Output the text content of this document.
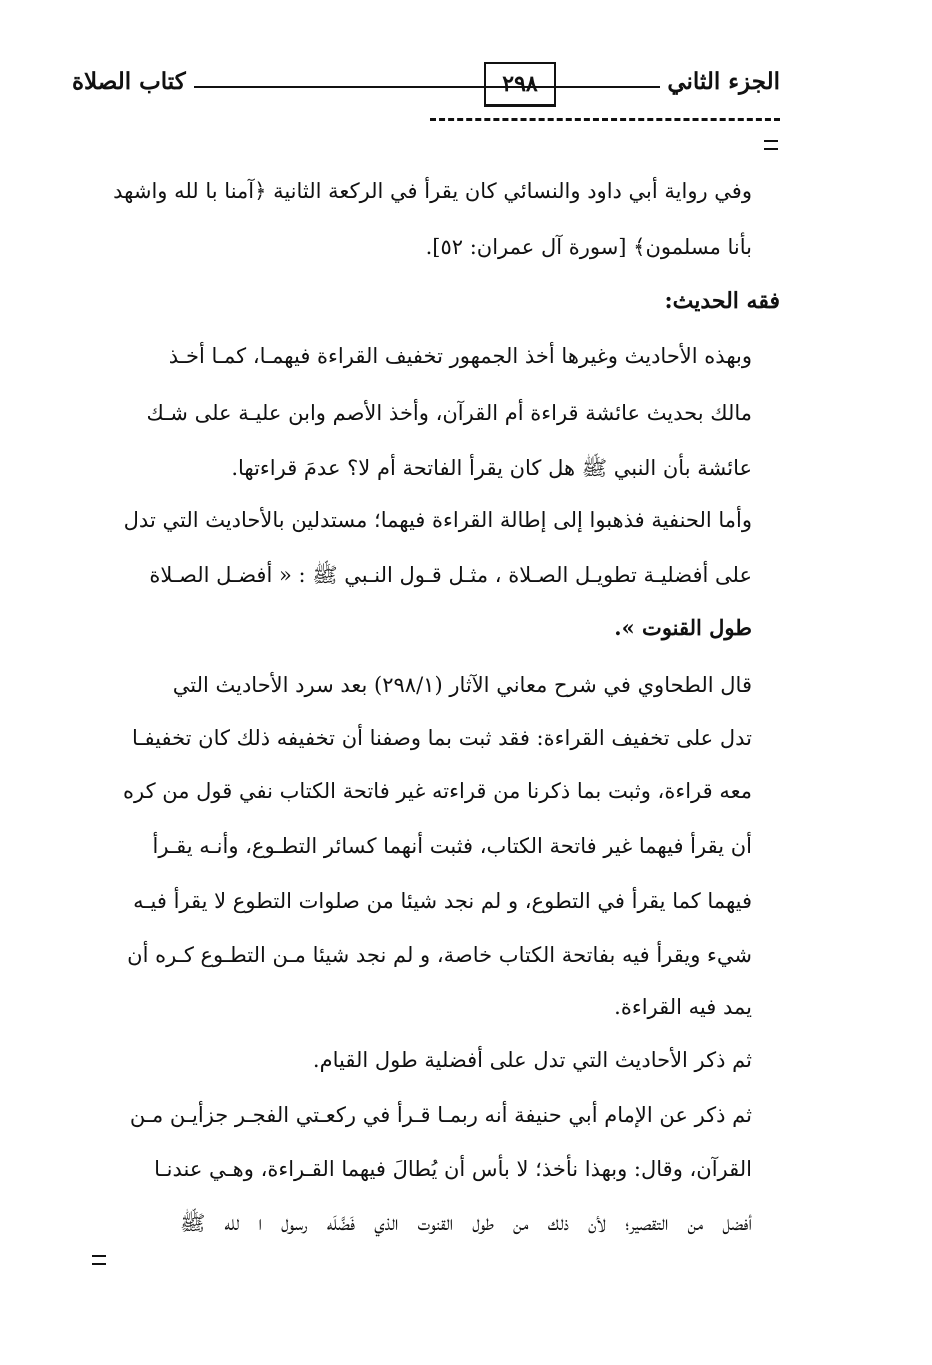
الجزء الثاني
٢٩٨
كتاب الصلاة
وفي رواية أبي داود والنسائي كان يقرأ في الركعة الثانية ﴿آمنا با لله واشهد
بأنا مسلمون﴾ [سورة آل عمران: ٥٢].
فقه الحديث:
وبهذه الأحاديث وغيرها أخذ الجمهور تخفيف القراءة فيهمـا، كمـا أخـذ
مالك بحديث عائشة قراءة أم القرآن، وأخذ الأصم وابن عليـة على شـك
عائشة بأن النبي ﷺ هل كان يقرأ الفاتحة أم لا؟ عدمَ قراءتها.
وأما الحنفية فذهبوا إلى إطالة القراءة فيهما؛ مستدلين بالأحاديث التي تدل
على أفضليـة تطويـل الصـلاة ، مثـل قـول النـبي ﷺ : « أفضـل الصـلاة
طول القنوت ».
قال الطحاوي في شرح معاني الآثار (٢٩٨/١) بعد سرد الأحاديث التي
تدل على تخفيف القراءة: فقد ثبت بما وصفنا أن تخفيفه ذلك كان تخفيفـا
معه قراءة، وثبت بما ذكرنا من قراءته غير فاتحة الكتاب نفي قول من كره
أن يقرأ فيهما غير فاتحة الكتاب، فثبت أنهما كسائر التطـوع، وأنـه يقـرأ
فيهما كما يقرأ في التطوع، و لم نجد شيئا من صلوات التطوع لا يقرأ فيـه
شيء ويقرأ فيه بفاتحة الكتاب خاصة، و لم نجد شيئا مـن التطـوع كـره أن
يمد فيه القراءة.
ثم ذكر الأحاديث التي تدل على أفضلية طول القيام.
ثم ذكر عن الإمام أبي حنيفة أنه ربمـا قـرأ في ركعـتي الفجـر جزأيـن مـن
القرآن، وقال: وبهذا نأخذ؛ لا بأس أن يُطالَ فيهما القـراءة، وهـي عندنـا
أفضل من التقصير؛ لأن ذلك من طول القنوت الذي فَضَّلَه رسول ا لله ﷺ
